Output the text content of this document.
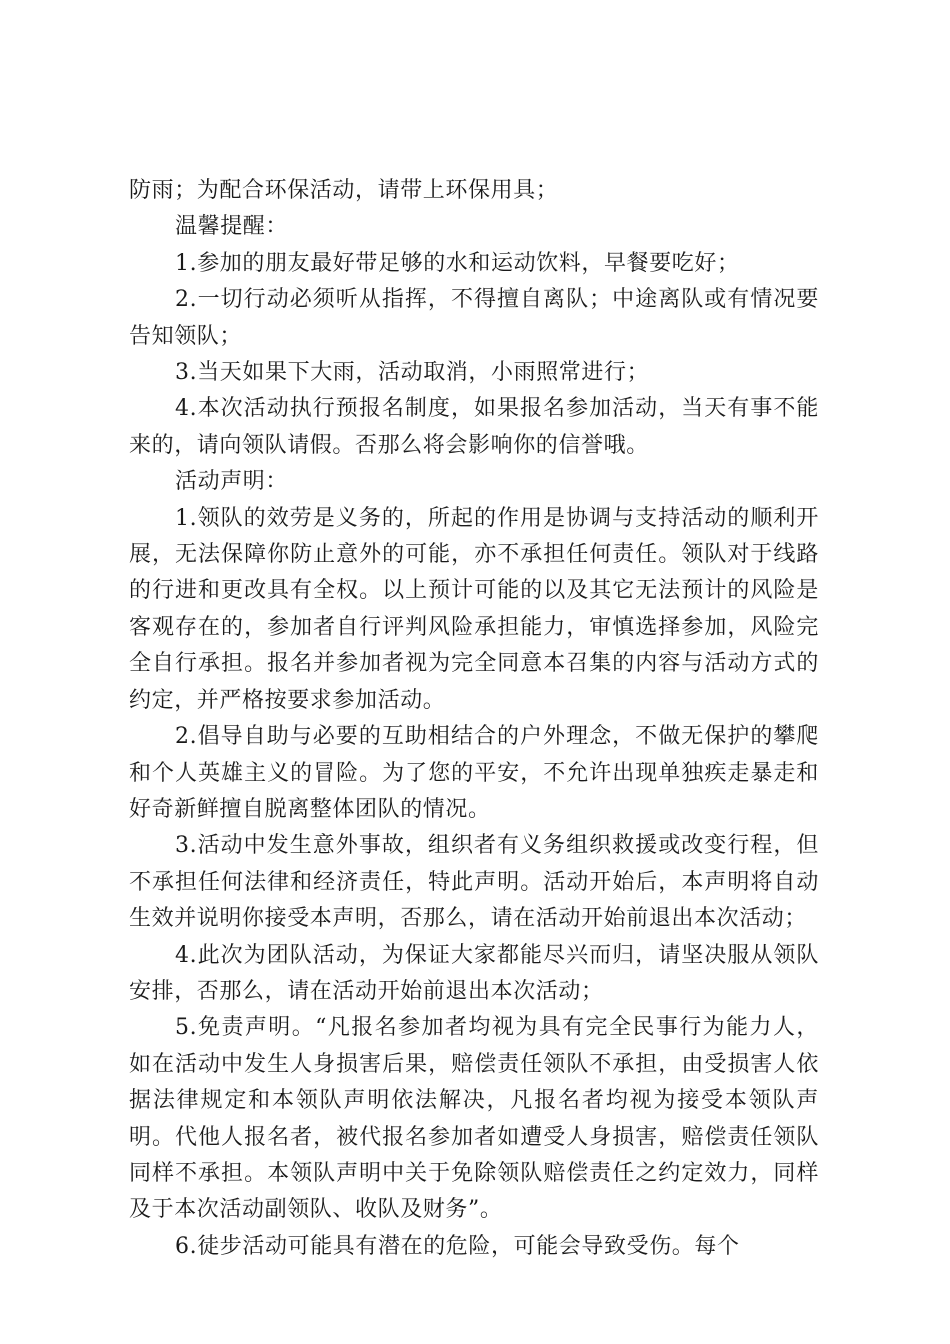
防雨；为配合环保活动，请带上环保用具；

温馨提醒：

1.参加的朋友最好带足够的水和运动饮料，早餐要吃好；

2.一切行动必须听从指挥，不得擅自离队；中途离队或有情况要告知领队；

3.当天如果下大雨，活动取消，小雨照常进行；

4.本次活动执行预报名制度，如果报名参加活动，当天有事不能来的，请向领队请假。否那么将会影响你的信誉哦。

活动声明：

1.领队的效劳是义务的，所起的作用是协调与支持活动的顺利开展，无法保障你防止意外的可能，亦不承担任何责任。领队对于线路的行进和更改具有全权。以上预计可能的以及其它无法预计的风险是客观存在的，参加者自行评判风险承担能力，审慎选择参加，风险完全自行承担。报名并参加者视为完全同意本召集的内容与活动方式的约定，并严格按要求参加活动。

2.倡导自助与必要的互助相结合的户外理念，不做无保护的攀爬和个人英雄主义的冒险。为了您的平安，不允许出现单独疾走暴走和好奇新鲜擅自脱离整体团队的情况。

3.活动中发生意外事故，组织者有义务组织救援或改变行程，但不承担任何法律和经济责任，特此声明。活动开始后，本声明将自动生效并说明你接受本声明，否那么，请在活动开始前退出本次活动；

4.此次为团队活动，为保证大家都能尽兴而归，请坚决服从领队安排，否那么，请在活动开始前退出本次活动；

5.免责声明。“凡报名参加者均视为具有完全民事行为能力人，如在活动中发生人身损害后果，赔偿责任领队不承担，由受损害人依据法律规定和本领队声明依法解决，凡报名者均视为接受本领队声明。代他人报名者，被代报名参加者如遭受人身损害，赔偿责任领队同样不承担。本领队声明中关于免除领队赔偿责任之约定效力，同样及于本次活动副领队、收队及财务”。

6.徒步活动可能具有潜在的危险，可能会导致受伤。每个
